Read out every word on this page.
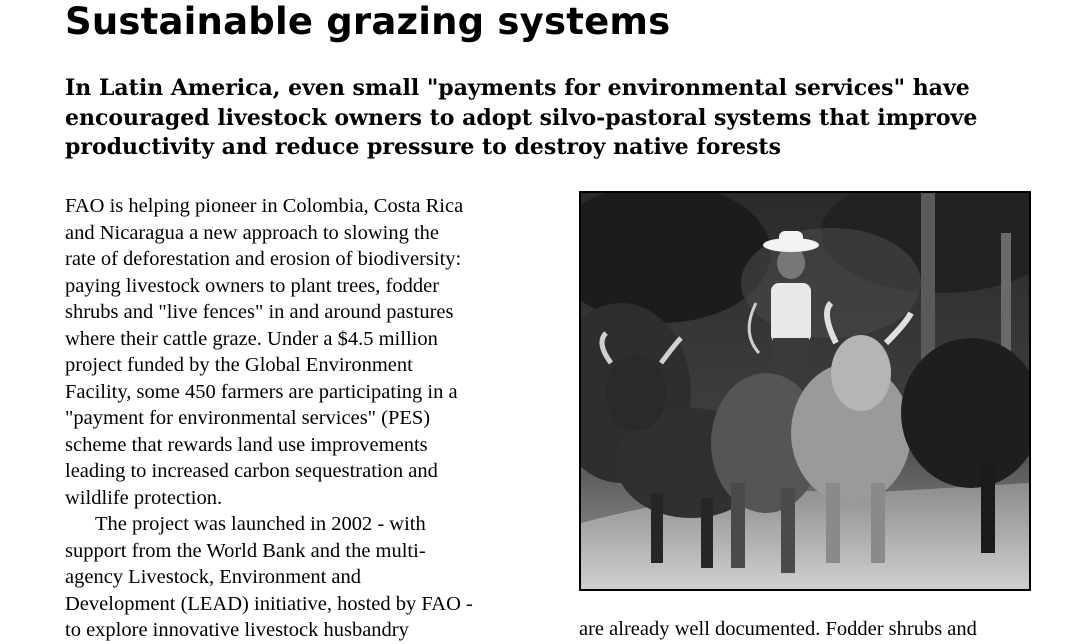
Sustainable grazing systems
In Latin America, even small "payments for environmental services" have encouraged livestock owners to adopt silvo-pastoral systems that improve productivity and reduce pressure to destroy native forests

FAO is helping pioneer in Colombia, Costa Rica
and Nicaragua a new approach to slowing the
rate of deforestation and erosion of biodiversity:
paying livestock owners to plant trees, fodder
shrubs and "live fences" in and around pastures
where their cattle graze. Under a $4.5 million
project funded by the Global Environment
Facility, some 450 farmers are participating in a
"payment for environmental services" (PES)
scheme that rewards land use improvements
leading to increased carbon sequestration and
wildlife protection.

The project was launched in 2002 - with
support from the World Bank and the multi-
agency Livestock, Environment and
Development (LEAD) initiative, hosted by FAO -
to explore innovative livestock husbandry	are already well documented. Fodder shrubs and
